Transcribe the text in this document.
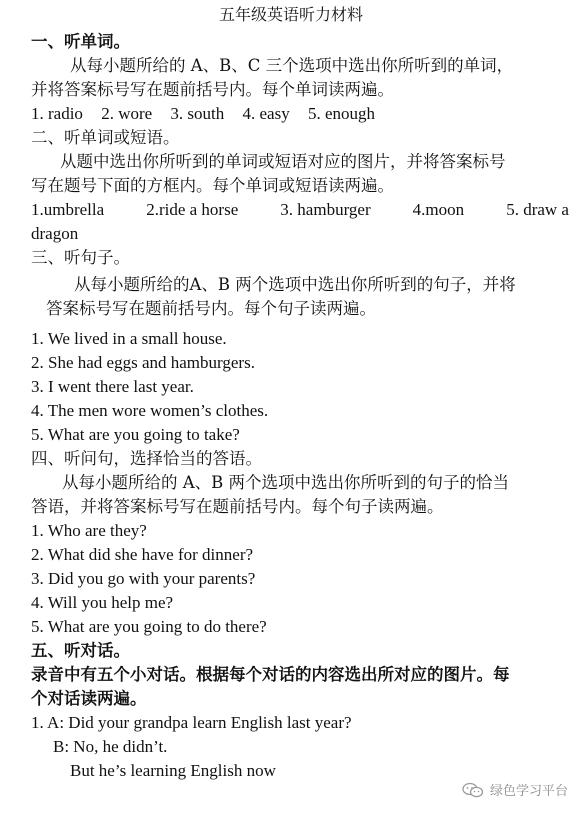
五年级英语听力材料
一、听单词。
从每小题所给的 A、B、C 三个选项中选出你所听到的单词，
并将答案标号写在题前括号内。每个单词读两遍。
1. radio 2. wore 3. south 4. easy 5. enough
二、听单词或短语。
从题中选出你所听到的单词或短语对应的图片，并将答案标号
写在题号下面的方框内。每个单词或短语读两遍。
1.umbrella 2.ride a horse 3. hamburger 4.moon 5. draw a
dragon
三、听句子。
从每小题所给的A、B 两个选项中选出你所听到的句子，并将
答案标号写在题前括号内。每个句子读两遍。
1. We lived in a small house.
2. She had eggs and hamburgers.
3. I went there last year.
4. The men wore women’s clothes.
5. What are you going to take?
四、听问句，选择恰当的答语。
从每小题所给的 A、B 两个选项中选出你所听到的句子的恰当
答语，并将答案标号写在题前括号内。每个句子读两遍。
1. Who are they?
2. What did she have for dinner?
3. Did you go with your parents?
4. Will you help me?
5. What are you going to do there?
五、听对话。
录音中有五个小对话。根据每个对话的内容选出所对应的图片。每
个对话读两遍。
1. A: Did your grandpa learn English last year?
B: No, he didn’t.
But he’s learning English now
绿色学习平台
